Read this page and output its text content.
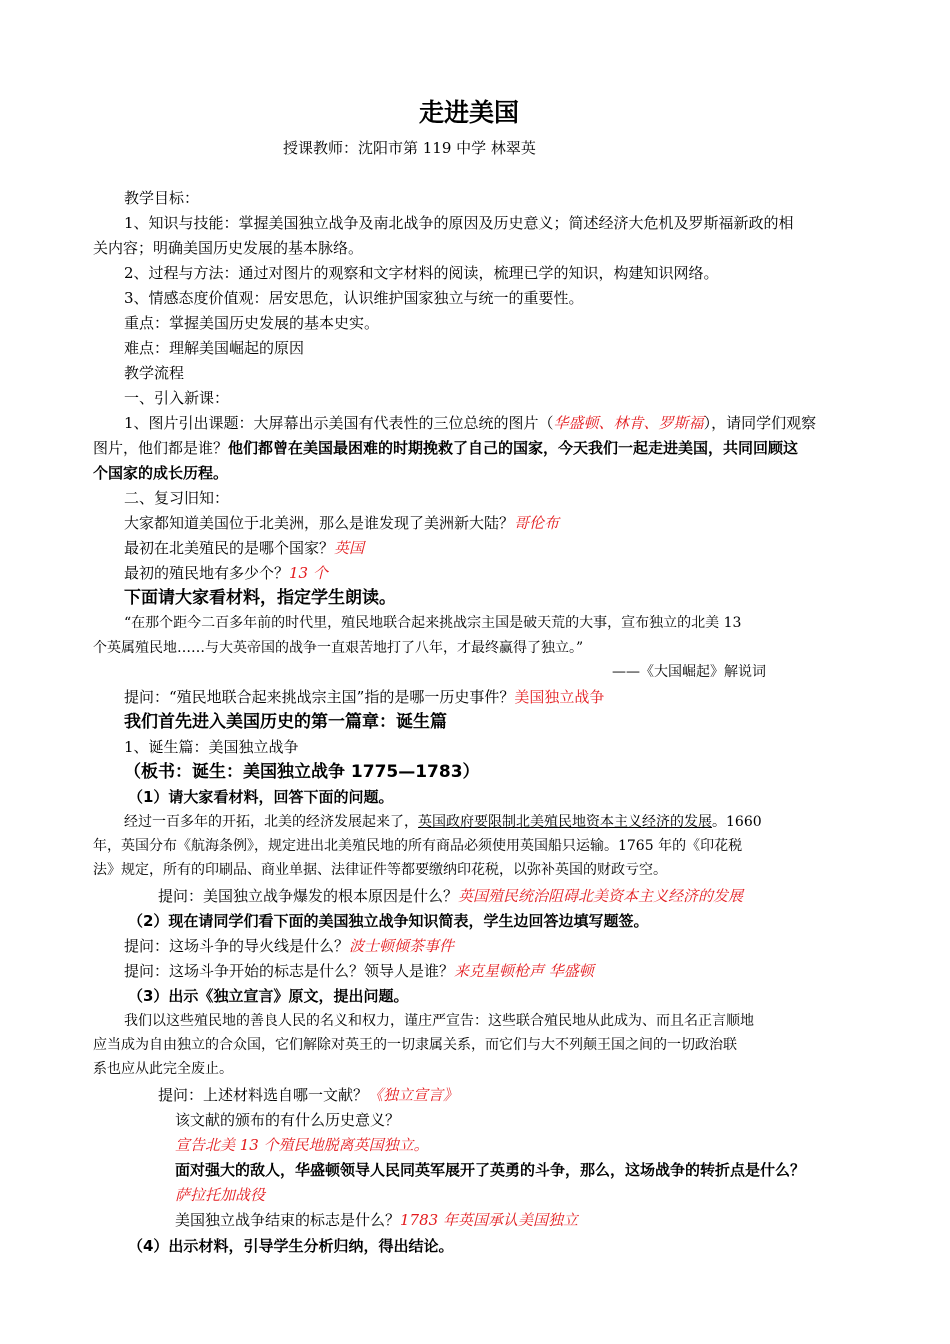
走进美国
授课教师：沈阳市第 119 中学 林翠英
教学目标：
1、知识与技能：掌握美国独立战争及南北战争的原因及历史意义；简述经济大危机及罗斯福新政的相
关内容；明确美国历史发展的基本脉络。
2、过程与方法：通过对图片的观察和文字材料的阅读，梳理已学的知识，构建知识网络。
3、情感态度价值观：居安思危，认识维护国家独立与统一的重要性。
重点：掌握美国历史发展的基本史实。
难点：理解美国崛起的原因
教学流程
一、引入新课：
1、图片引出课题：大屏幕出示美国有代表性的三位总统的图片（华盛顿、林肯、罗斯福），请同学们观察
图片，他们都是谁？他们都曾在美国最困难的时期挽救了自己的国家，今天我们一起走进美国，共同回顾这
个国家的成长历程。
二、复习旧知：
大家都知道美国位于北美洲，那么是谁发现了美洲新大陆？哥伦布
最初在北美殖民的是哪个国家？英国
最初的殖民地有多少个？13 个
下面请大家看材料，指定学生朗读。
“在那个距今二百多年前的时代里，殖民地联合起来挑战宗主国是破天荒的大事，宣布独立的北美 13
个英属殖民地……与大英帝国的战争一直艰苦地打了八年，才最终赢得了独立。”
——《大国崛起》解说词
提问：“殖民地联合起来挑战宗主国”指的是哪一历史事件？美国独立战争
我们首先进入美国历史的第一篇章：诞生篇
1、诞生篇：美国独立战争
（板书：诞生：美国独立战争 1775—1783）
（1）请大家看材料，回答下面的问题。
经过一百多年的开拓，北美的经济发展起来了，英国政府要限制北美殖民地资本主义经济的发展。1660
年，英国分布《航海条例》，规定进出北美殖民地的所有商品必须使用英国船只运输。1765 年的《印花税
法》规定，所有的印刷品、商业单据、法律证件等都要缴纳印花税，以弥补英国的财政亏空。
提问：美国独立战争爆发的根本原因是什么？英国殖民统治阻碍北美资本主义经济的发展
（2）现在请同学们看下面的美国独立战争知识简表，学生边回答边填写题签。
提问：这场斗争的导火线是什么？波士顿倾茶事件
提问：这场斗争开始的标志是什么？领导人是谁？来克星顿枪声 华盛顿
（3）出示《独立宣言》原文，提出问题。
我们以这些殖民地的善良人民的名义和权力，谨庄严宣告：这些联合殖民地从此成为、而且名正言顺地
应当成为自由独立的合众国，它们解除对英王的一切隶属关系，而它们与大不列颠王国之间的一切政治联
系也应从此完全废止。
提问：上述材料选自哪一文献？《独立宣言》
该文献的颁布的有什么历史意义？
宣告北美 13 个殖民地脱离英国独立。
面对强大的敌人，华盛顿领导人民同英军展开了英勇的斗争，那么，这场战争的转折点是什么？
萨拉托加战役
美国独立战争结束的标志是什么？1783 年英国承认美国独立
（4）出示材料，引导学生分析归纳，得出结论。
